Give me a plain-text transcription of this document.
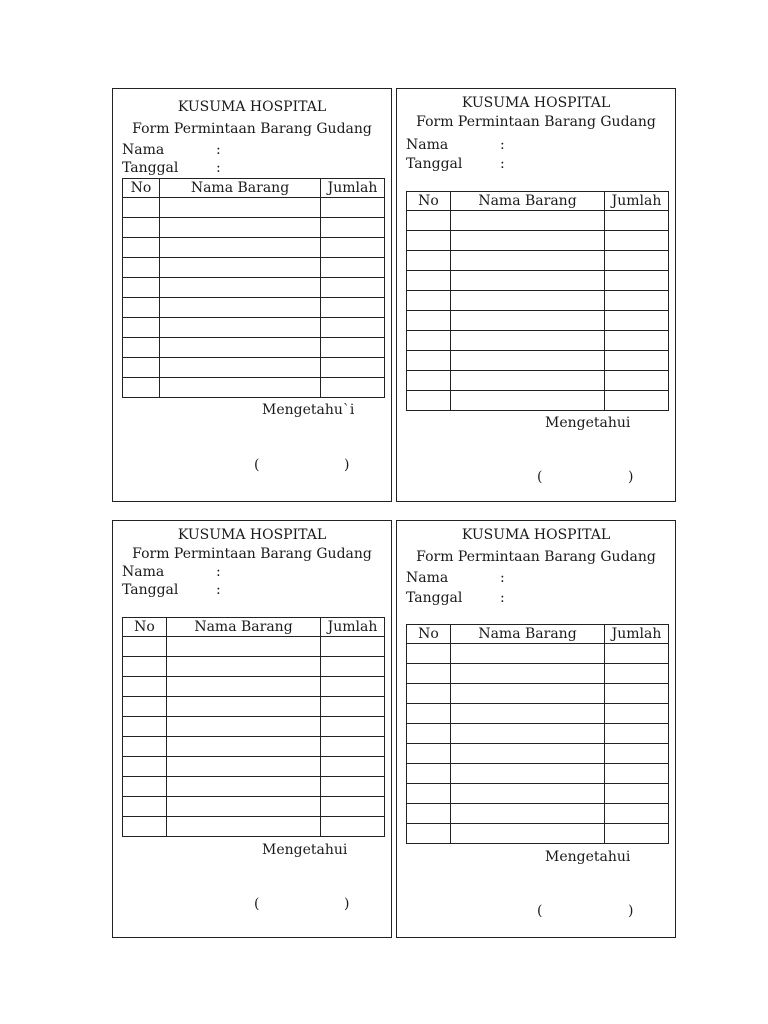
KUSUMA HOSPITAL
Form Permintaan Barang Gudang
Nama	:
Tanggal	:
No	Nama Barang	Jumlah

Mengetahu`i
(	)
KUSUMA HOSPITAL
Form Permintaan Barang Gudang
Nama	:
Tanggal	:
No	Nama Barang	Jumlah

Mengetahui
(	)
KUSUMA HOSPITAL
Form Permintaan Barang Gudang
Nama	:
Tanggal	:
No	Nama Barang	Jumlah

Mengetahui
(	)
KUSUMA HOSPITAL
Form Permintaan Barang Gudang
Nama	:
Tanggal	:
No	Nama Barang	Jumlah

Mengetahui
(	)
